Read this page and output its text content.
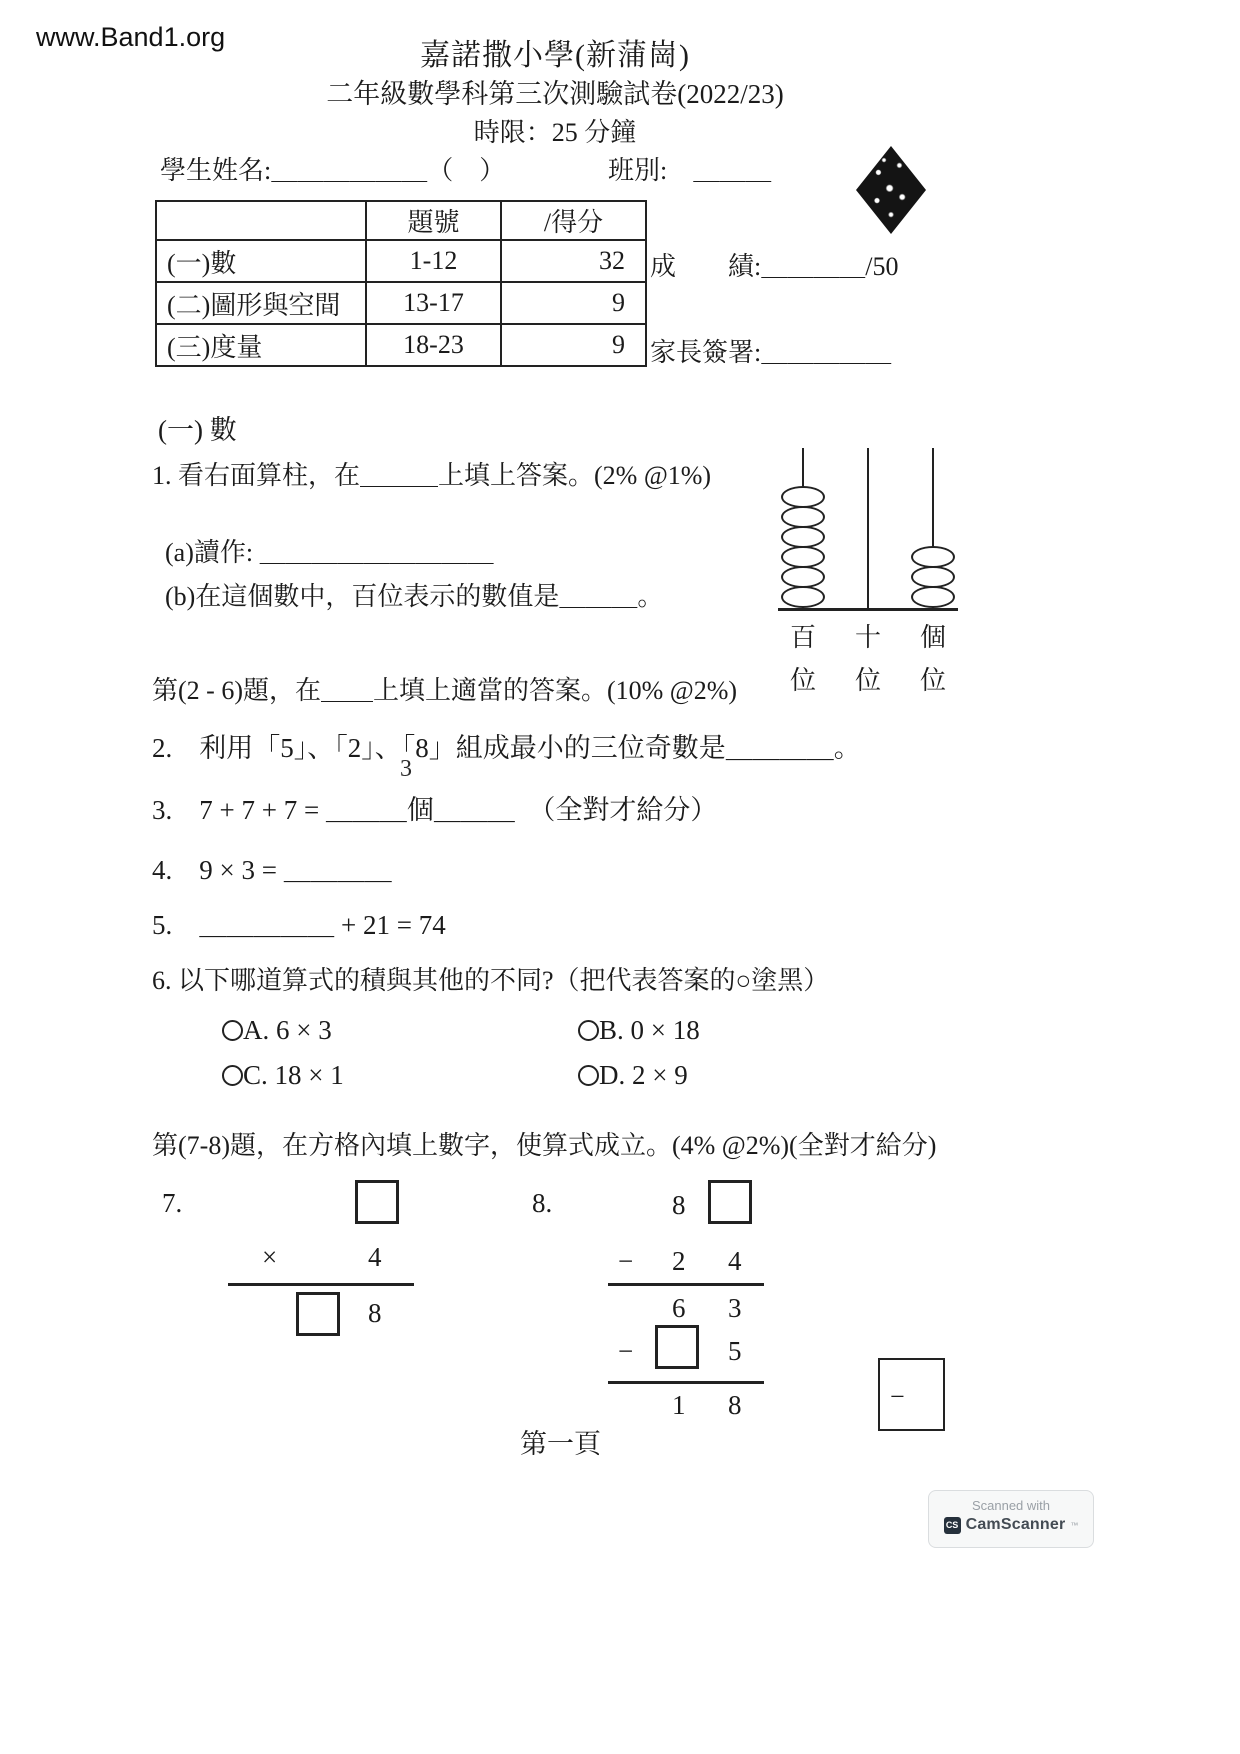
www.Band1.org
嘉諾撒小學(新蒲崗)
二年級數學科第三次測驗試卷(2022/23)
時限：25 分鐘
學生姓名:＿＿＿＿＿＿（　）	班別:　＿＿＿
	題號	/得分
(一)數	1-12	32
(二)圖形與空間	13-17	9
(三)度量	18-23	9
成　　績:＿＿＿＿/50
家長簽署:＿＿＿＿＿
(一) 數
1. 看右面算柱，在＿＿＿上填上答案。(2% @1%)
(a)讀作: ＿＿＿＿＿＿＿＿＿
(b)在這個數中，百位表示的數值是＿＿＿。
百	十	個
位	位	位
第(2 - 6)題，在＿＿上填上適當的答案。(10% @2%)
2.　利用「5」、「2」、「8」組成最小的三位奇數是＿＿＿＿。
3
3.　7 + 7 + 7 = ＿＿＿個＿＿＿　（全對才給分）
4.　9 × 3 = ＿＿＿＿
5.　＿＿＿＿＿ + 21 = 74
6. 以下哪道算式的積與其他的不同?（把代表答案的○塗黑）
A. 6 × 3	B. 0 × 18
C. 18 × 1	D. 2 × 9
第(7-8)題，在方格內填上數字，使算式成立。(4% @2%)(全對才給分)
7.
×	4
8
8.	8
− 2 4
6 3
−	5
1 8	−
第一頁
Scanned with
CS CamScanner ™
